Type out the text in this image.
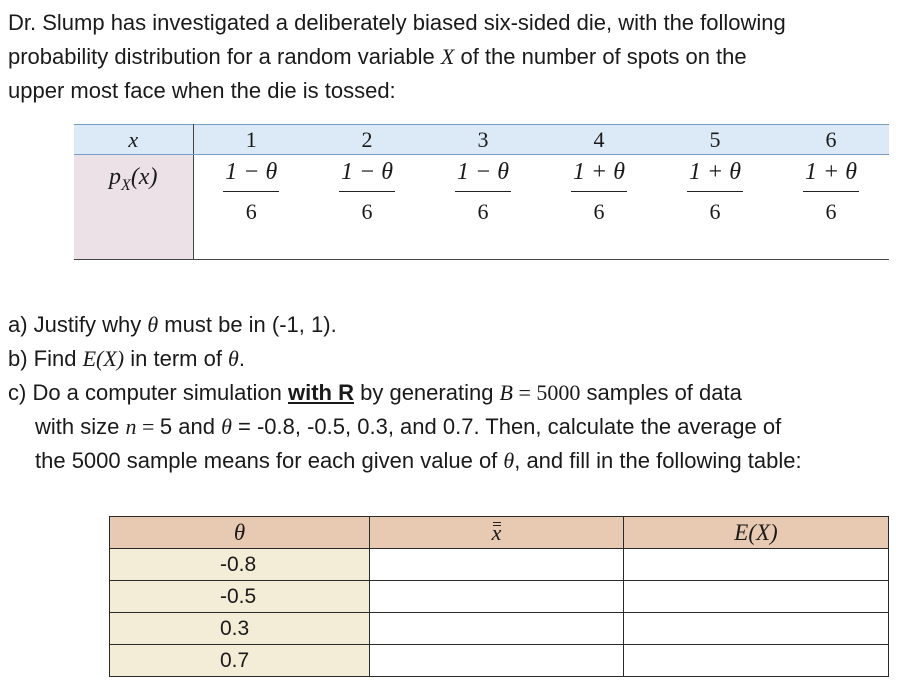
Dr. Slump has investigated a deliberately biased six-sided die, with the following
probability distribution for a random variable X of the number of spots on the
upper most face when the die is tossed:
x	1	2	3	4	5	6
$p_X(x)$	$\frac{1 - \theta}{6}$	$\frac{1 - \theta}{6}$	$\frac{1 - \theta}{6}$	$\frac{1 + \theta}{6}$	$\frac{1 + \theta}{6}$	$\frac{1 + \theta}{6}$
a) Justify why θ must be in (-1, 1).
b) Find E(X) in term of θ.
c) Do a computer simulation with R by generating B = 5000 samples of data
with size n = 5 and θ = -0.8, -0.5, 0.3, and 0.7. Then, calculate the average of
the 5000 sample means for each given value of θ, and fill in the following table:
θ	x	E(X)
-0.8		
-0.5		
0.3		
0.7		
